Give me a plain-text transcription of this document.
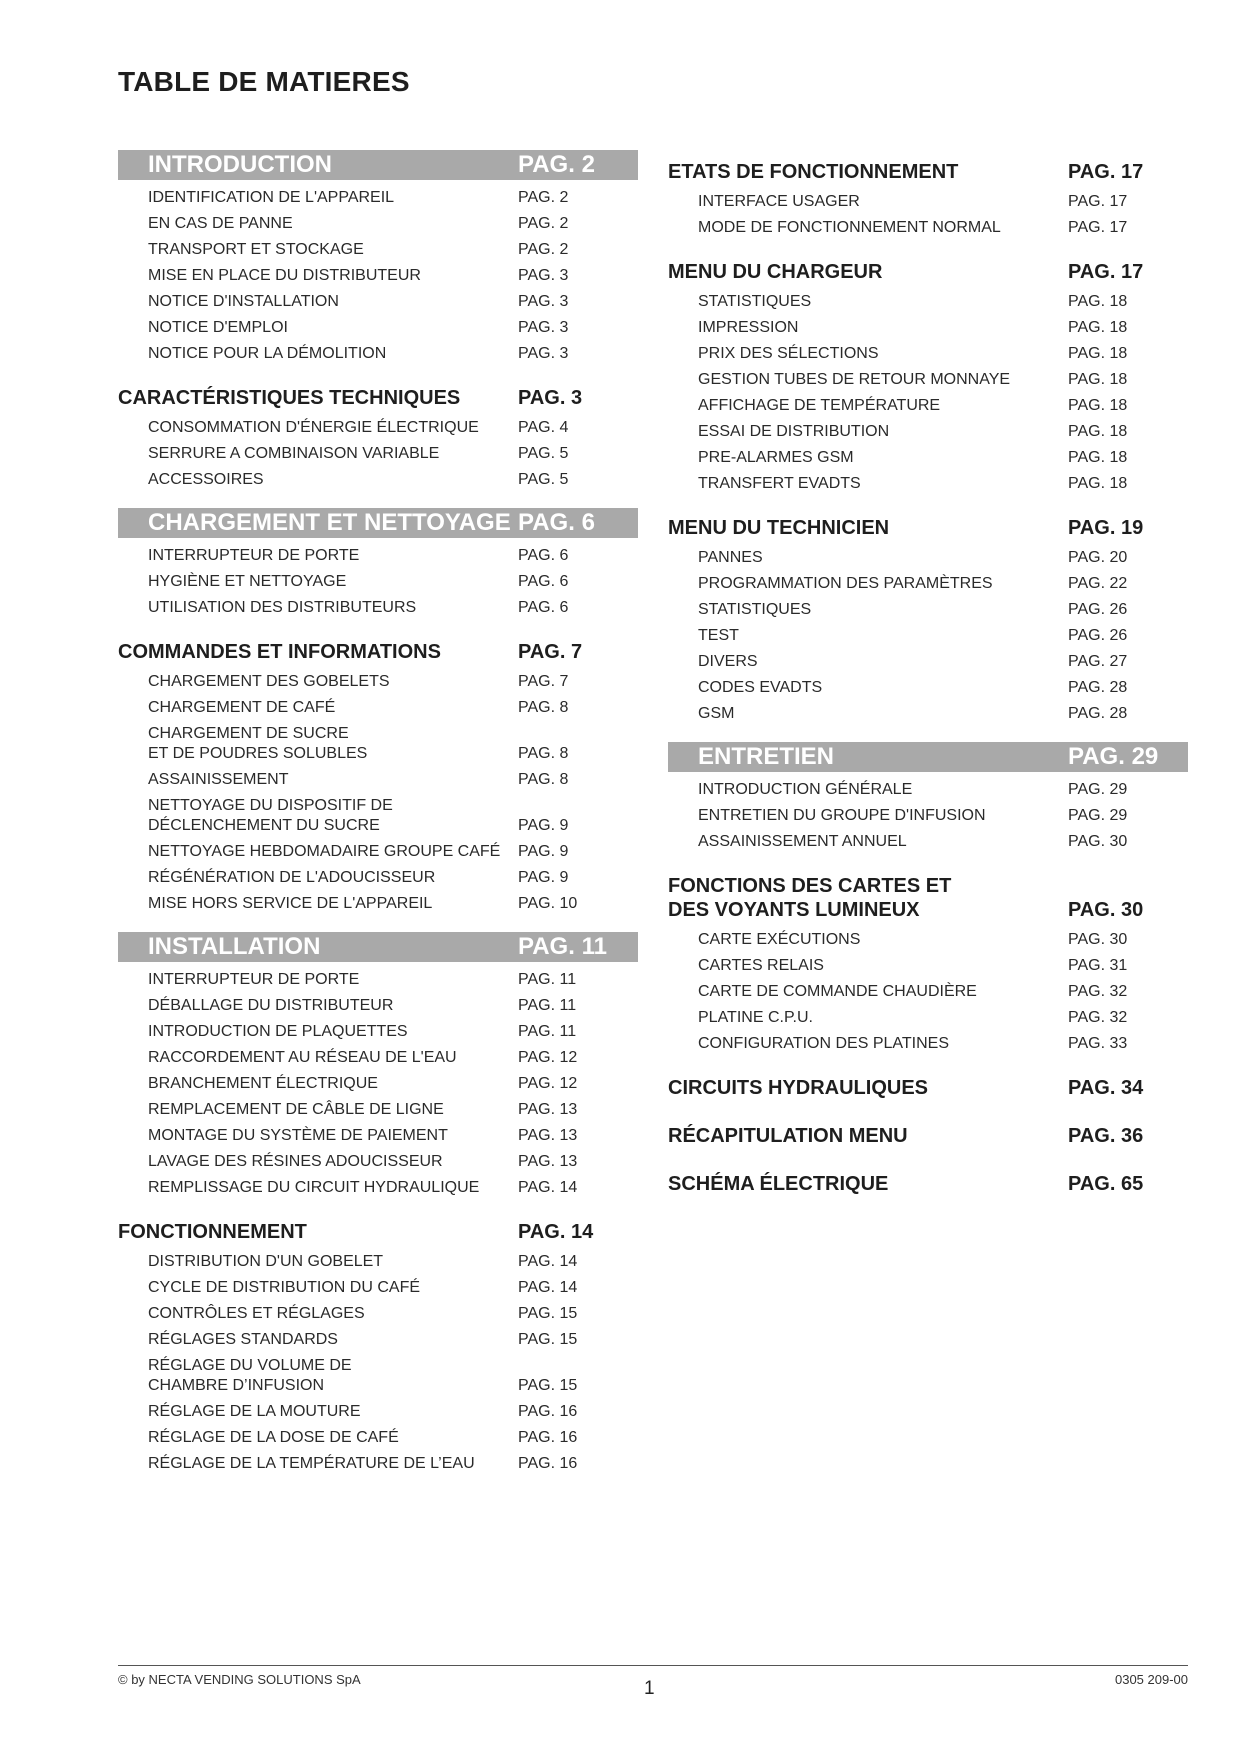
TABLE DE MATIERES
INTRODUCTION	PAG. 2
IDENTIFICATION DE L'APPAREIL	PAG. 2
EN CAS DE PANNE	PAG. 2
TRANSPORT ET STOCKAGE	PAG. 2
MISE EN PLACE DU DISTRIBUTEUR	PAG. 3
NOTICE D'INSTALLATION	PAG. 3
NOTICE D'EMPLOI	PAG. 3
NOTICE POUR LA DÉMOLITION	PAG. 3
CARACTÉRISTIQUES TECHNIQUES	PAG. 3
CONSOMMATION D'ÉNERGIE ÉLECTRIQUE	PAG. 4
SERRURE A COMBINAISON VARIABLE	PAG. 5
ACCESSOIRES	PAG. 5
CHARGEMENT ET NETTOYAGE PAG. 6
INTERRUPTEUR DE PORTE	PAG. 6
HYGIÈNE ET NETTOYAGE	PAG. 6
UTILISATION DES DISTRIBUTEURS	PAG. 6
COMMANDES ET INFORMATIONS	PAG. 7
CHARGEMENT DES GOBELETS	PAG. 7
CHARGEMENT DE CAFÉ	PAG. 8
CHARGEMENT DE SUCRE
ET DE POUDRES SOLUBLES	PAG. 8
ASSAINISSEMENT	PAG. 8
NETTOYAGE DU DISPOSITIF DE
DÉCLENCHEMENT DU SUCRE	PAG. 9
NETTOYAGE HEBDOMADAIRE GROUPE CAFÉ	PAG. 9
RÉGÉNÉRATION DE L'ADOUCISSEUR	PAG. 9
MISE HORS SERVICE DE L'APPAREIL	PAG. 10
INSTALLATION	PAG. 11
INTERRUPTEUR DE PORTE	PAG. 11
DÉBALLAGE DU DISTRIBUTEUR	PAG. 11
INTRODUCTION DE PLAQUETTES	PAG. 11
RACCORDEMENT AU RÉSEAU DE L'EAU	PAG. 12
BRANCHEMENT ÉLECTRIQUE	PAG. 12
REMPLACEMENT DE CÂBLE DE LIGNE	PAG. 13
MONTAGE DU SYSTÈME DE PAIEMENT	PAG. 13
LAVAGE DES RÉSINES ADOUCISSEUR	PAG. 13
REMPLISSAGE DU CIRCUIT HYDRAULIQUE	PAG. 14
FONCTIONNEMENT	PAG. 14
DISTRIBUTION D'UN GOBELET	PAG. 14
CYCLE DE DISTRIBUTION DU CAFÉ	PAG. 14
CONTRÔLES ET RÉGLAGES	PAG. 15
RÉGLAGES STANDARDS	PAG. 15
RÉGLAGE DU VOLUME DE
CHAMBRE D’INFUSION	PAG. 15
RÉGLAGE DE LA MOUTURE	PAG. 16
RÉGLAGE DE LA DOSE DE CAFÉ	PAG. 16
RÉGLAGE DE LA TEMPÉRATURE DE L’EAU	PAG. 16
ETATS DE FONCTIONNEMENT	PAG. 17
INTERFACE USAGER	PAG. 17
MODE DE FONCTIONNEMENT NORMAL	PAG. 17
MENU DU CHARGEUR	PAG. 17
STATISTIQUES	PAG. 18
IMPRESSION	PAG. 18
PRIX DES SÉLECTIONS	PAG. 18
GESTION TUBES DE RETOUR MONNAYE	PAG. 18
AFFICHAGE DE TEMPÉRATURE	PAG. 18
ESSAI DE DISTRIBUTION	PAG. 18
PRE-ALARMES GSM	PAG. 18
TRANSFERT EVADTS	PAG. 18
MENU DU TECHNICIEN	PAG. 19
PANNES	PAG. 20
PROGRAMMATION DES PARAMÈTRES	PAG. 22
STATISTIQUES	PAG. 26
TEST	PAG. 26
DIVERS	PAG. 27
CODES EVADTS	PAG. 28
GSM	PAG. 28
ENTRETIEN	PAG. 29
INTRODUCTION GÉNÉRALE	PAG. 29
ENTRETIEN DU GROUPE D'INFUSION	PAG. 29
ASSAINISSEMENT ANNUEL	PAG. 30
FONCTIONS DES CARTES ET
DES VOYANTS LUMINEUX	PAG. 30
CARTE EXÉCUTIONS	PAG. 30
CARTES RELAIS	PAG. 31
CARTE DE COMMANDE CHAUDIÈRE	PAG. 32
PLATINE C.P.U.	PAG. 32
CONFIGURATION DES PLATINES	PAG. 33
CIRCUITS HYDRAULIQUES	PAG. 34
RÉCAPITULATION MENU	PAG. 36
SCHÉMA ÉLECTRIQUE	PAG. 65
© by NECTA VENDING SOLUTIONS SpA	1	0305 209-00
